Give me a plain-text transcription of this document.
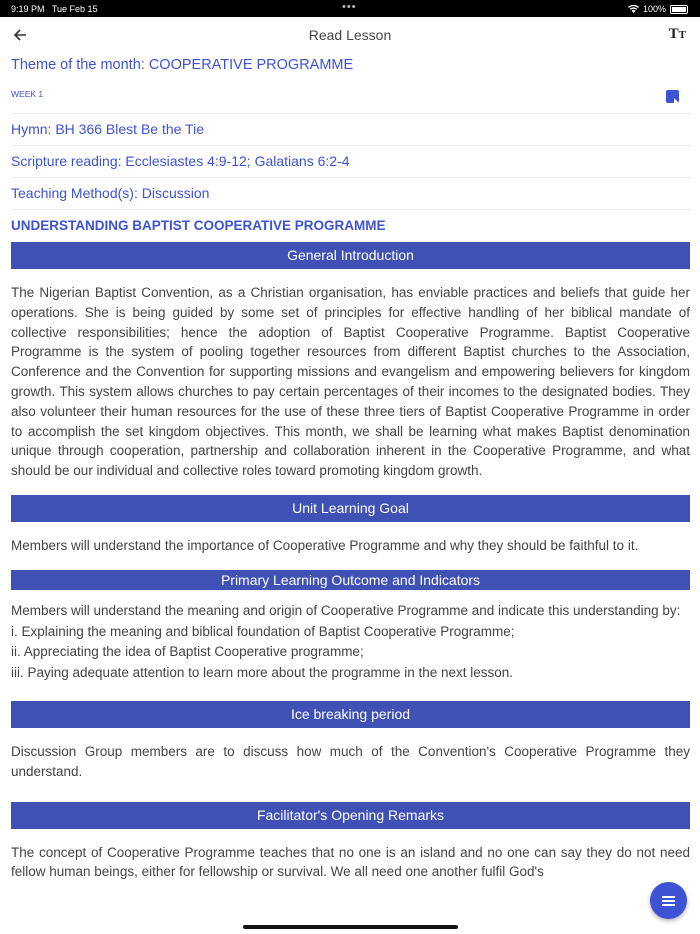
9:19 PM Tue Feb 15	•••	100%
Read Lesson	TT
Theme of the month: COOPERATIVE PROGRAMME
WEEK 1
Hymn: BH 366 Blest Be the Tie
Scripture reading: Ecclesiastes 4:9-12; Galatians 6:2-4
Teaching Method(s): Discussion
UNDERSTANDING BAPTIST COOPERATIVE PROGRAMME
General Introduction
The Nigerian Baptist Convention, as a Christian organisation, has enviable practices and beliefs that guide her operations. She is being guided by some set of principles for effective handling of her biblical mandate of collective responsibilities; hence the adoption of Baptist Cooperative Programme. Baptist Cooperative Programme is the system of pooling together resources from different Baptist churches to the Association, Conference and the Convention for supporting missions and evangelism and empowering believers for kingdom growth. This system allows churches to pay certain percentages of their incomes to the designated bodies. They also volunteer their human resources for the use of these three tiers of Baptist Cooperative Programme in order to accomplish the set kingdom objectives. This month, we shall be learning what makes Baptist denomination unique through cooperation, partnership and collaboration inherent in the Cooperative Programme, and what should be our individual and collective roles toward promoting kingdom growth.
Unit Learning Goal
Members will understand the importance of Cooperative Programme and why they should be faithful to it.
Primary Learning Outcome and Indicators
Members will understand the meaning and origin of Cooperative Programme and indicate this understanding by:

i. Explaining the meaning and biblical foundation of Baptist Cooperative Programme;

ii. Appreciating the idea of Baptist Cooperative programme;

iii. Paying adequate attention to learn more about the programme in the next lesson.

Ice breaking period
Discussion Group members are to discuss how much of the Convention's Cooperative Programme they understand.
Facilitator's Opening Remarks
The concept of Cooperative Programme teaches that no one is an island and no one can say they do not need fellow human beings, either for fellowship or survival. We all need one another fulfil God's
